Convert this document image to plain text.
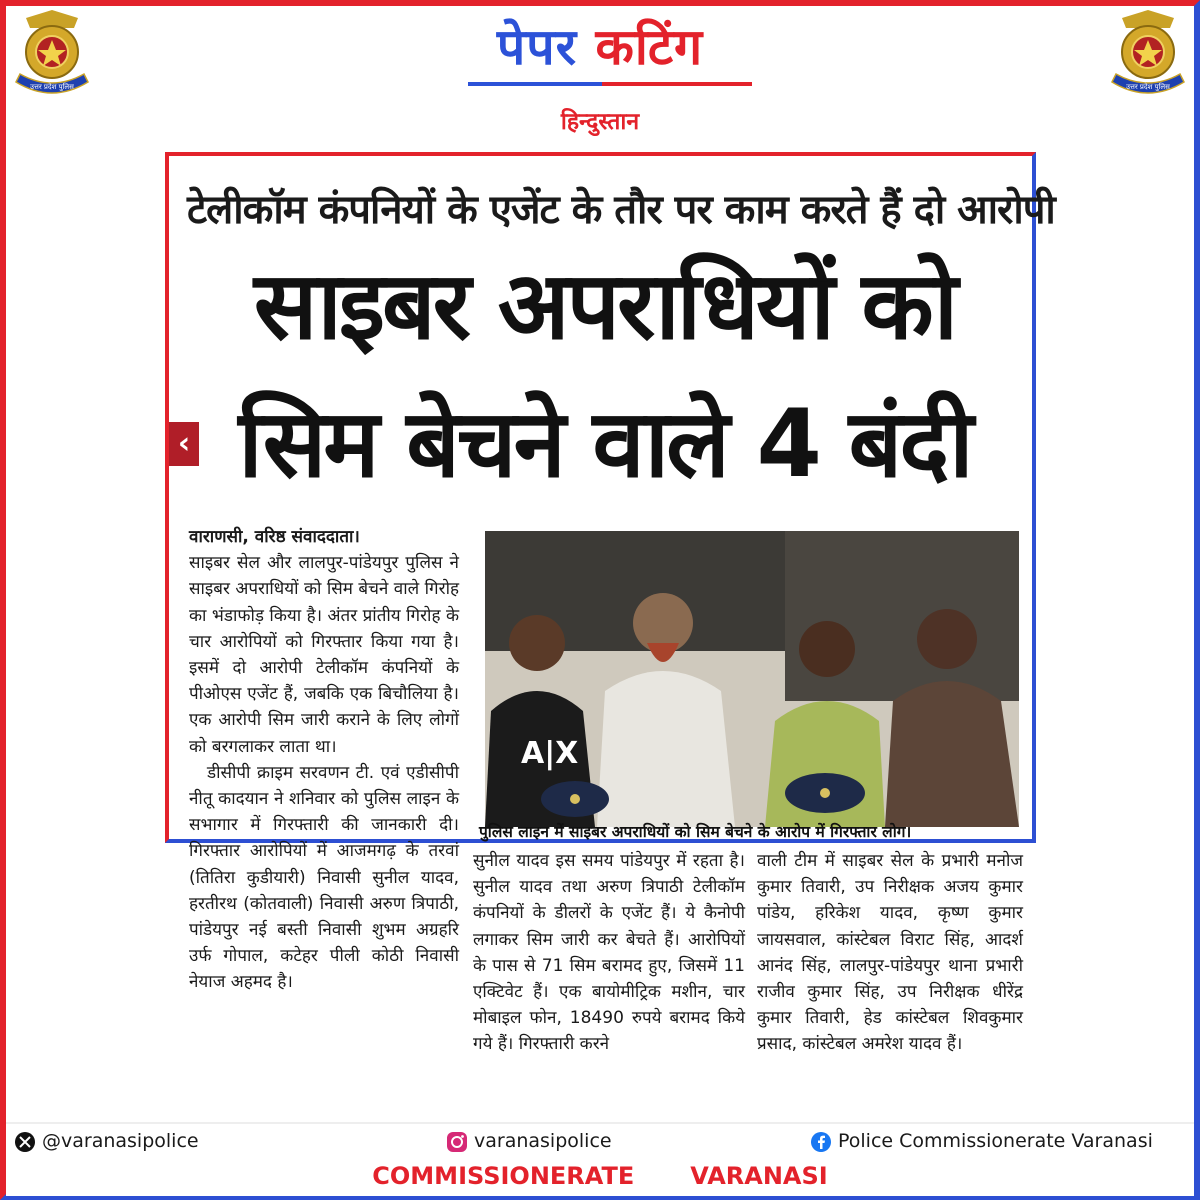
उत्तर प्रदेश पुलिस	उत्तर प्रदेश पुलिस
पेपर कटिंग
हिन्दुस्तान
टेलीकॉम कंपनियों के एजेंट के तौर पर काम करते हैं दो आरोपी
साइबर अपराधियों को
सिम बेचने वाले 4 बंदी
‹

वाराणसी, वरिष्ठ संवाददाता।

साइबर सेल और लालपुर-पांडेयपुर पुलिस ने साइबर अपराधियों को सिम बेचने वाले गिरोह का भंडाफोड़ किया है। अंतर प्रांतीय गिरोह के चार आरोपियों को गिरफ्तार किया गया है। इसमें दो आरोपी टेलीकॉम कंपनियों के पीओएस एजेंट हैं, जबकि एक बिचौलिया है। एक आरोपी सिम जारी कराने के लिए लोगों को बरगलाकर लाता था।

डीसीपी क्राइम सरवणन टी. एवं एडीसीपी नीतू कादयान ने शनिवार को पुलिस लाइन के सभागार में गिरफ्तारी की जानकारी दी। गिरफ्तार आरोपियों में आजमगढ़ के तरवां (तितिरा कुडीयारी) निवासी सुनील यादव, हरतीरथ (कोतवाली) निवासी अरुण त्रिपाठी, पांडेयपुर नई बस्ती निवासी शुभम अग्रहरि उर्फ गोपाल, कटेहर पीली कोठी निवासी नेयाज अहमद है।

A|X
पुलिस लाइन में साइबर अपराधियों को सिम बेचने के आरोप में गिरफ्तार लोग।

सुनील यादव इस समय पांडेयपुर में रहता है। सुनील यादव तथा अरुण त्रिपाठी टेलीकॉम कंपनियों के डीलरों के एजेंट हैं। ये कैनोपी लगाकर सिम जारी कर बेचते हैं। आरोपियों के पास से 71 सिम बरामद हुए, जिसमें 11 एक्टिवेट हैं। एक बायोमीट्रिक मशीन, चार मोबाइल फोन, 18490 रुपये बरामद किये गये हैं। गिरफ्तारी करने

वाली टीम में साइबर सेल के प्रभारी मनोज कुमार तिवारी, उप निरीक्षक अजय कुमार पांडेय, हरिकेश यादव, कृष्ण कुमार जायसवाल, कांस्टेबल विराट सिंह, आदर्श आनंद सिंह, लालपुर-पांडेयपुर थाना प्रभारी राजीव कुमार सिंह, उप निरीक्षक धीरेंद्र कुमार तिवारी, हेड कांस्टेबल शिवकुमार प्रसाद, कांस्टेबल अमरेश यादव हैं।

@varanasipolice	varanasipolice	Police Commissionerate Varanasi
COMMISSIONERATE VARANASI
